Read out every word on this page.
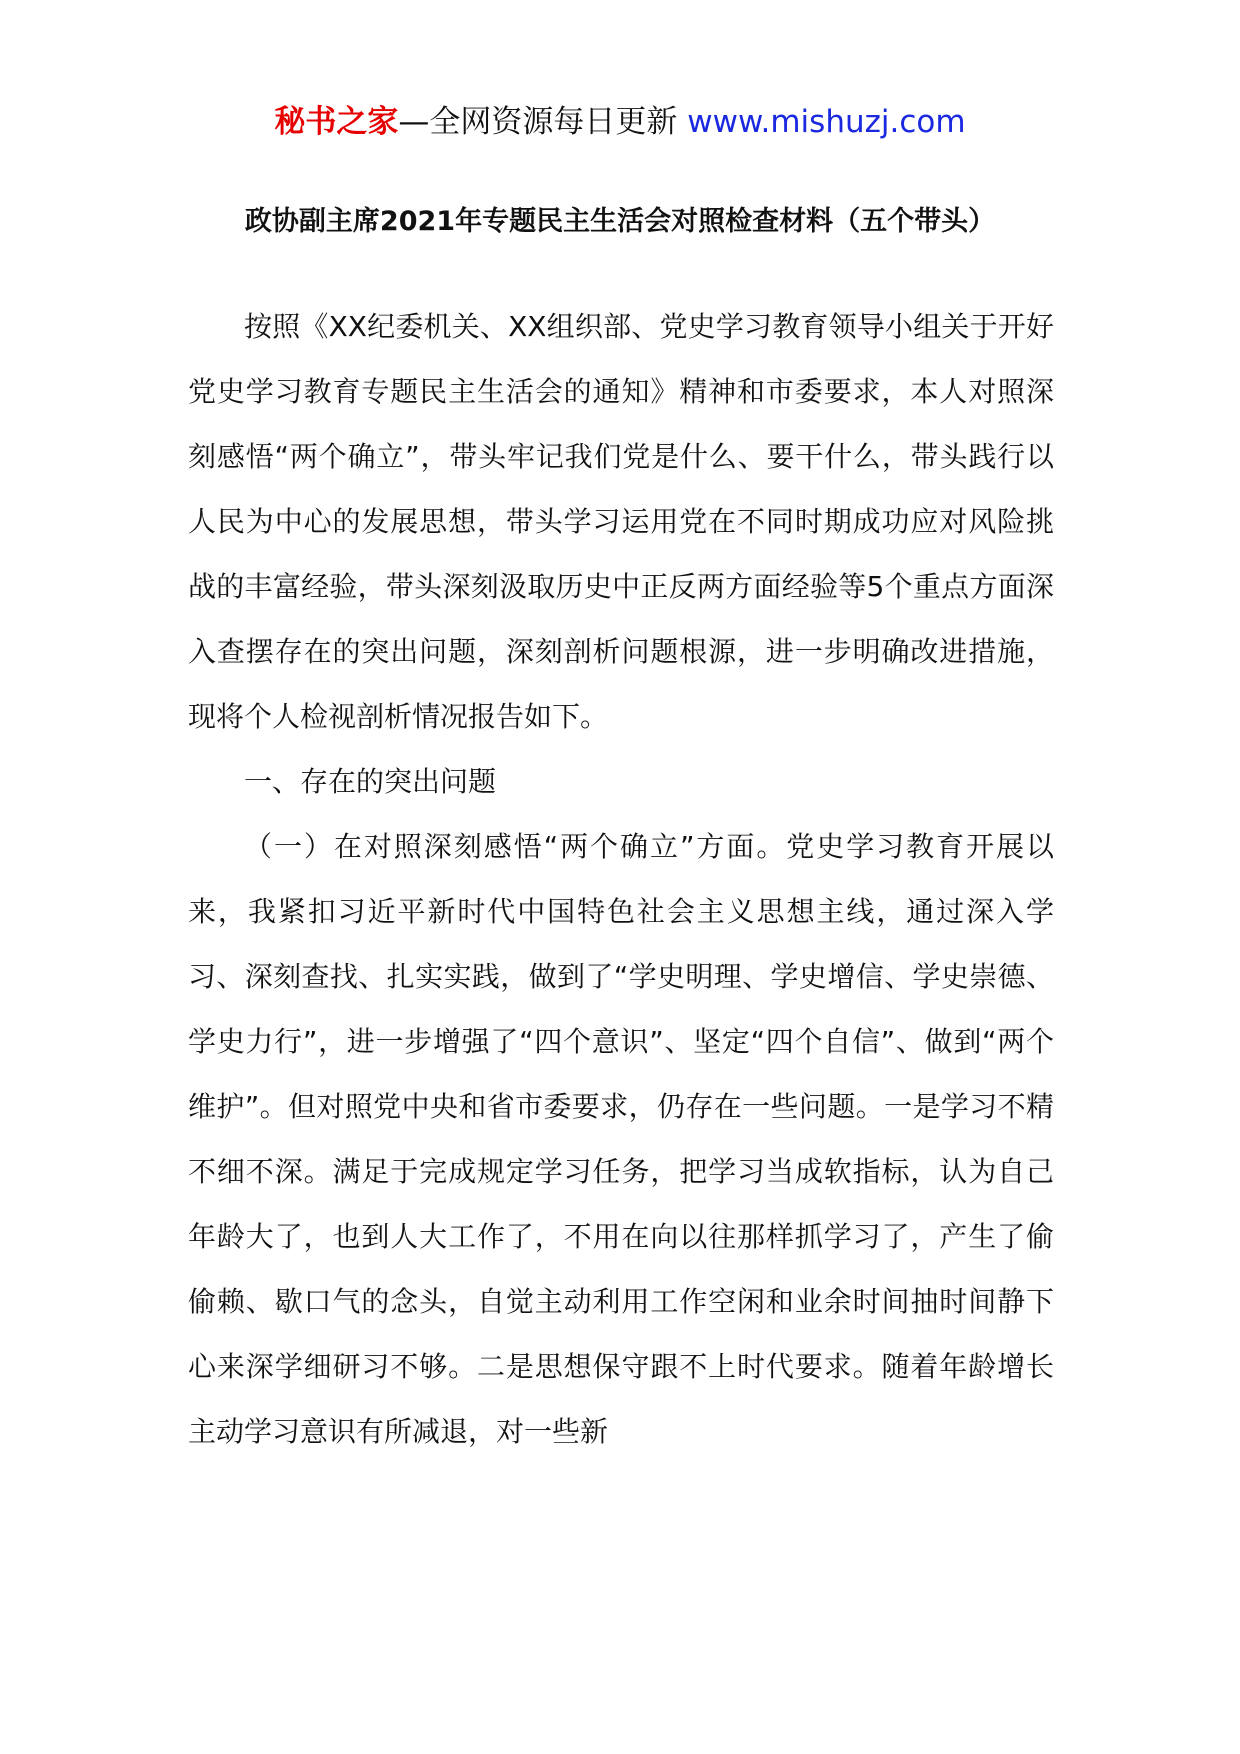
秘书之家—全网资源每日更新 www.mishuzj.com
政协副主席2021年专题民主生活会对照检查材料（五个带头）

按照《XX纪委机关、XX组织部、党史学习教育领导小组关于开好党史学习教育专题民主生活会的通知》精神和市委要求，本人对照深刻感悟“两个确立”，带头牢记我们党是什么、要干什么，带头践行以人民为中心的发展思想，带头学习运用党在不同时期成功应对风险挑战的丰富经验，带头深刻汲取历史中正反两方面经验等5个重点方面深入查摆存在的突出问题，深刻剖析问题根源，进一步明确改进措施，现将个人检视剖析情况报告如下。

一、存在的突出问题

（一）在对照深刻感悟“两个确立”方面。党史学习教育开展以来，我紧扣习近平新时代中国特色社会主义思想主线，通过深入学习、深刻查找、扎实实践，做到了“学史明理、学史增信、学史崇德、学史力行”，进一步增强了“四个意识”、坚定“四个自信”、做到“两个维护”。但对照党中央和省市委要求，仍存在一些问题。一是学习不精不细不深。满足于完成规定学习任务，把学习当成软指标，认为自己年龄大了，也到人大工作了，不用在向以往那样抓学习了，产生了偷偷赖、歇口气的念头，自觉主动利用工作空闲和业余时间抽时间静下心来深学细研习不够。二是思想保守跟不上时代要求。随着年龄增长主动学习意识有所减退，对一些新
